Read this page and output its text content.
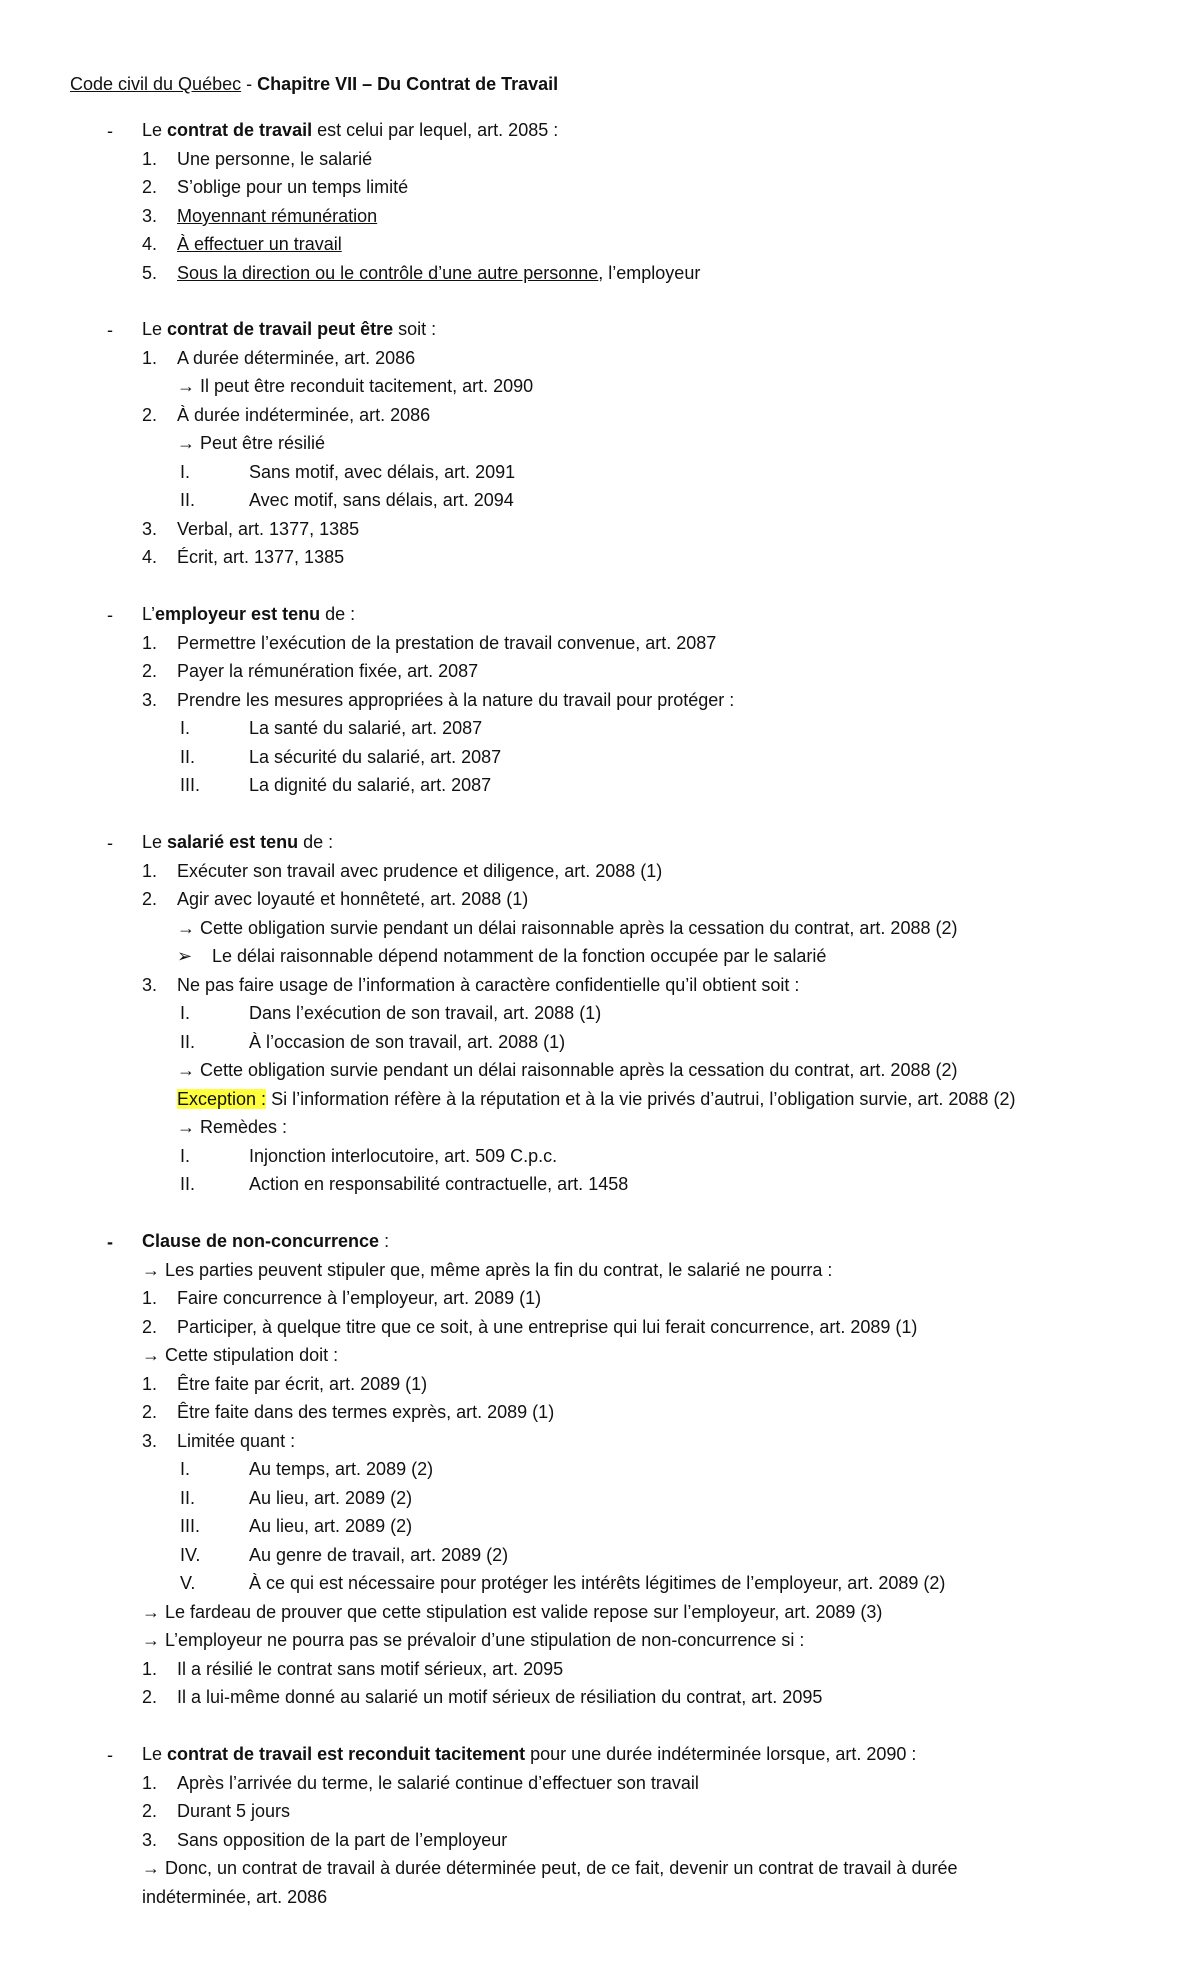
Code civil du Québec - Chapitre VII – Du Contrat de Travail
- Le contrat de travail est celui par lequel, art. 2085 :
1. Une personne, le salarié
2. S’oblige pour un temps limité
3. Moyennant rémunération
4. À effectuer un travail
5. Sous la direction ou le contrôle d’une autre personne, l’employeur
- Le contrat de travail peut être soit :
1. A durée déterminée, art. 2086
→ Il peut être reconduit tacitement, art. 2090
2. À durée indéterminée, art. 2086
→ Peut être résilié
I.	Sans motif, avec délais, art. 2091
II.	Avec motif, sans délais, art. 2094
3. Verbal, art. 1377, 1385
4. Écrit, art. 1377, 1385
- L’employeur est tenu de :
1. Permettre l’exécution de la prestation de travail convenue, art. 2087
2. Payer la rémunération fixée, art. 2087
3. Prendre les mesures appropriées à la nature du travail pour protéger :
I.	La santé du salarié, art. 2087
II.	La sécurité du salarié, art. 2087
III.	La dignité du salarié, art. 2087
- Le salarié est tenu de :
1. Exécuter son travail avec prudence et diligence, art. 2088 (1)
2. Agir avec loyauté et honnêteté, art. 2088 (1)
→ Cette obligation survie pendant un délai raisonnable après la cessation du contrat, art. 2088 (2)
➢ Le délai raisonnable dépend notamment de la fonction occupée par le salarié
3. Ne pas faire usage de l’information à caractère confidentielle qu’il obtient soit :
I.	Dans l’exécution de son travail, art. 2088 (1)
II.	À l’occasion de son travail, art. 2088 (1)
→ Cette obligation survie pendant un délai raisonnable après la cessation du contrat, art. 2088 (2)
Exception : Si l’information réfère à la réputation et à la vie privés d’autrui, l’obligation survie, art. 2088 (2)
→ Remèdes :
I.	Injonction interlocutoire, art. 509 C.p.c.
II.	Action en responsabilité contractuelle, art. 1458
- Clause de non-concurrence :
→ Les parties peuvent stipuler que, même après la fin du contrat, le salarié ne pourra :
1. Faire concurrence à l’employeur, art. 2089 (1)
2. Participer, à quelque titre que ce soit, à une entreprise qui lui ferait concurrence, art. 2089 (1)
→ Cette stipulation doit :
1. Être faite par écrit, art. 2089 (1)
2. Être faite dans des termes exprès, art. 2089 (1)
3. Limitée quant :
I.	Au temps, art. 2089 (2)
II.	Au lieu, art. 2089 (2)
III.	Au lieu, art. 2089 (2)
IV.	Au genre de travail, art. 2089 (2)
V.	À ce qui est nécessaire pour protéger les intérêts légitimes de l’employeur, art. 2089 (2)
→ Le fardeau de prouver que cette stipulation est valide repose sur l’employeur, art. 2089 (3)
→ L’employeur ne pourra pas se prévaloir d’une stipulation de non-concurrence si :
1. Il a résilié le contrat sans motif sérieux, art. 2095
2. Il a lui-même donné au salarié un motif sérieux de résiliation du contrat, art. 2095
- Le contrat de travail est reconduit tacitement pour une durée indéterminée lorsque, art. 2090 :
1. Après l’arrivée du terme, le salarié continue d’effectuer son travail
2. Durant 5 jours
3. Sans opposition de la part de l’employeur
→ Donc, un contrat de travail à durée déterminée peut, de ce fait, devenir un contrat de travail à durée
indéterminée, art. 2086
